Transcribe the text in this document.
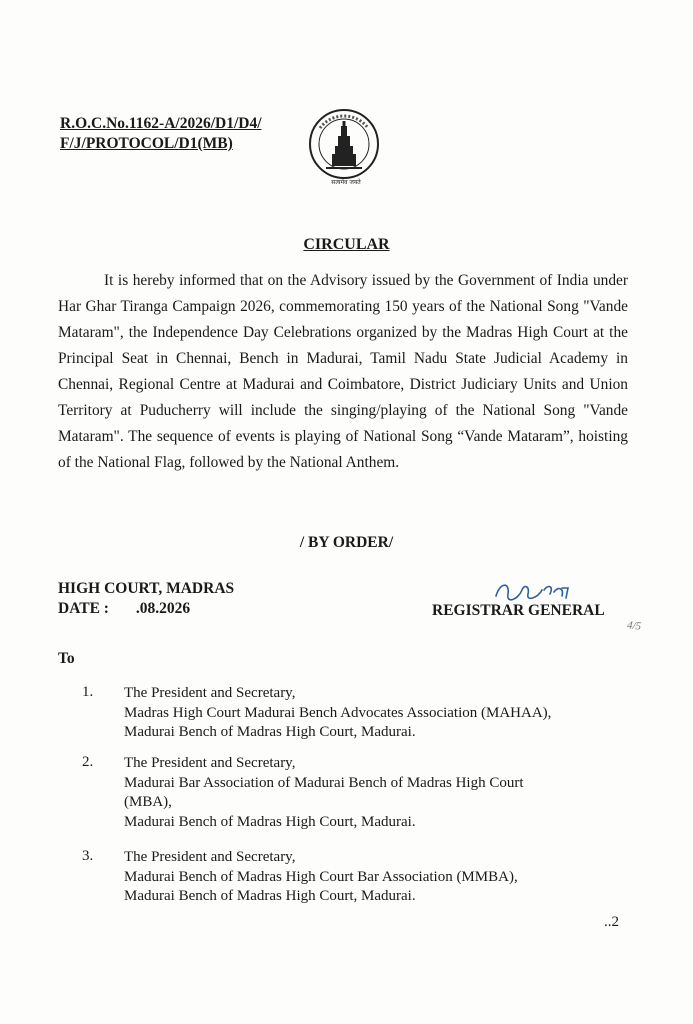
R.O.C.No.1162-A/2026/D1/D4/
F/J/PROTOCOL/D1(MB)
सत्यमेव जयते
CIRCULAR
It is hereby informed that on the Advisory issued by the Government of India under Har Ghar Tiranga Campaign 2026, commemorating 150 years of the National Song "Vande Mataram", the Independence Day Celebrations organized by the Madras High Court at the Principal Seat in Chennai, Bench in Madurai, Tamil Nadu State Judicial Academy in Chennai, Regional Centre at Madurai and Coimbatore, District Judiciary Units and Union Territory at Puducherry will include the singing/playing of the National Song "Vande Mataram". The sequence of events is playing of National Song “Vande Mataram”, hoisting of the National Flag, followed by the National Anthem.
/ BY ORDER/
HIGH COURT, MADRAS
DATE : .08.2026	REGISTRAR GENERAL
4/5
To
1. The President and Secretary,
Madras High Court Madurai Bench Advocates Association (MAHAA),
Madurai Bench of Madras High Court, Madurai.
2. The President and Secretary,
Madurai Bar Association of Madurai Bench of Madras High Court
(MBA),
Madurai Bench of Madras High Court, Madurai.
3. The President and Secretary,
Madurai Bench of Madras High Court Bar Association (MMBA),
Madurai Bench of Madras High Court, Madurai.
..2
